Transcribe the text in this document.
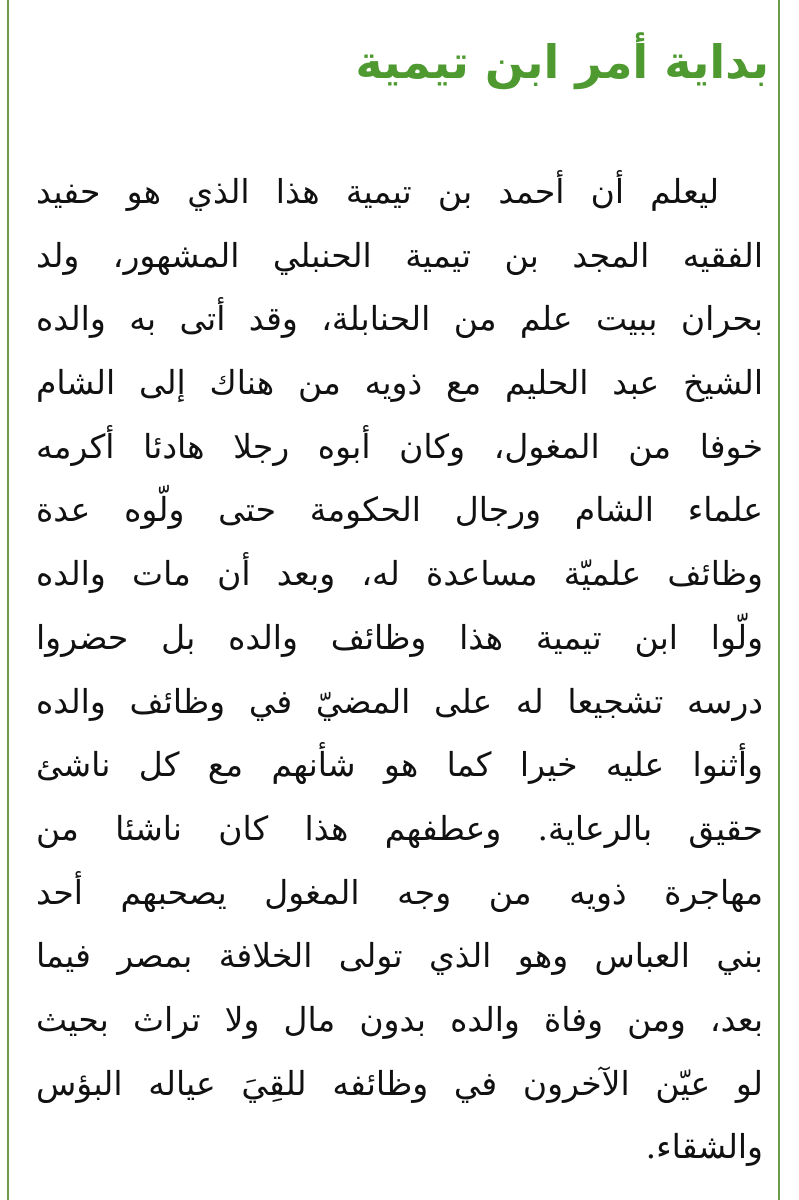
بداية أمر ابن تيمية
ليعلم أن أحمد بن تيمية هذا الذي هو حفيد
الفقيه المجد بن تيمية الحنبلي المشهور، ولد
بحران ببيت علم من الحنابلة، وقد أتى به والده
الشيخ عبد الحليم مع ذويه من هناك إلى الشام
خوفا من المغول، وكان أبوه رجلا هادئا أكرمه
علماء الشام ورجال الحكومة حتى ولّوه عدة
وظائف علميّة مساعدة له، وبعد أن مات والده
ولّوا ابن تيمية هذا وظائف والده بل حضروا
درسه تشجيعا له على المضيّ في وظائف والده
وأثنوا عليه خيرا كما هو شأنهم مع كل ناشئ
حقيق بالرعاية. وعطفهم هذا كان ناشئا من
مهاجرة ذويه من وجه المغول يصحبهم أحد
بني العباس وهو الذي تولى الخلافة بمصر فيما
بعد، ومن وفاة والده بدون مال ولا تراث بحيث
لو عيّن الآخرون في وظائفه للقِيَ عياله البؤس
والشقاء.
